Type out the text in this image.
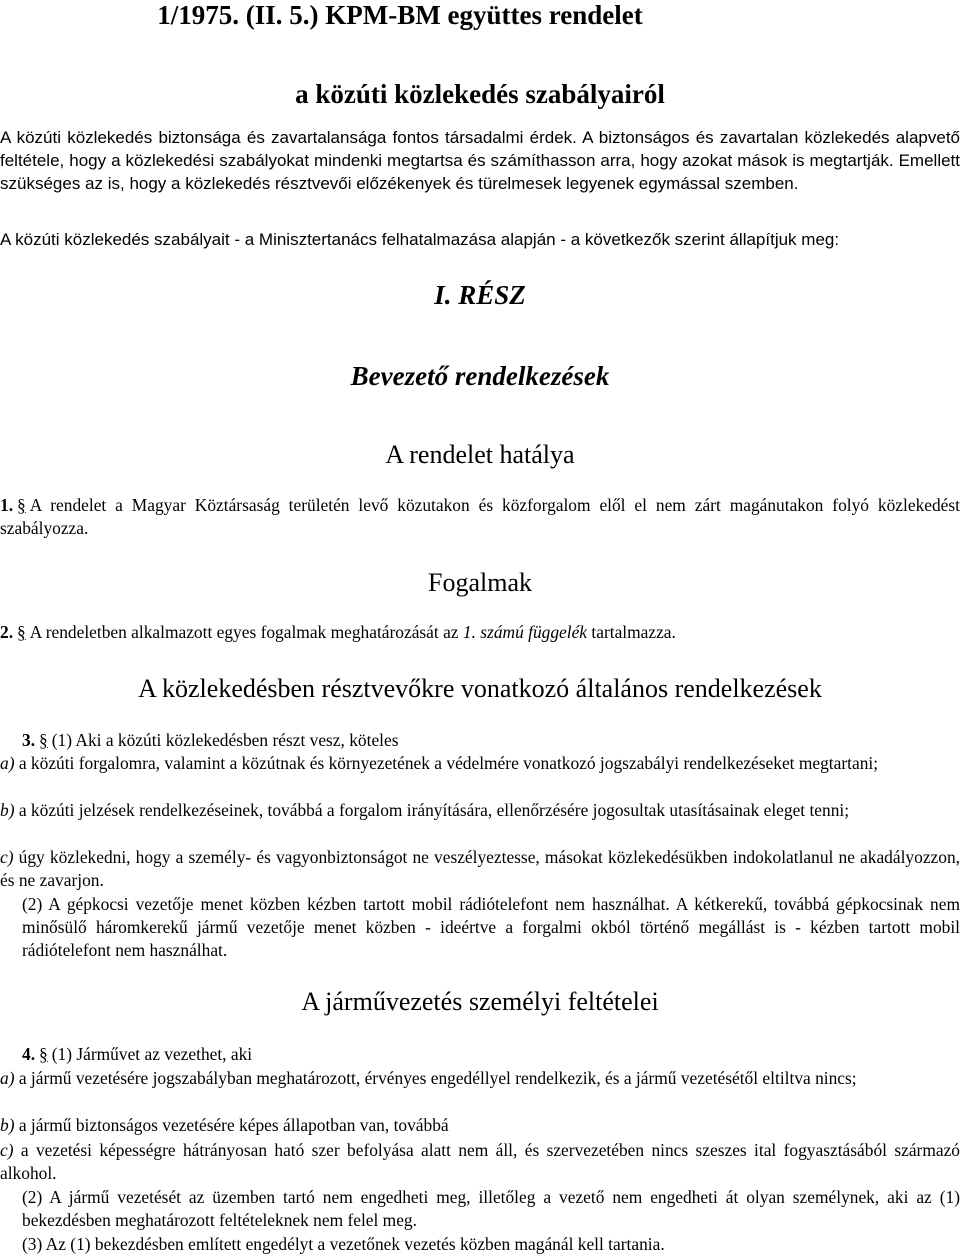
1/1975. (II. 5.) KPM-BM együttes rendelet
a közúti közlekedés szabályairól

A közúti közlekedés biztonsága és zavartalansága fontos társadalmi érdek. A biztonságos és zavartalan közlekedés alapvető feltétele, hogy a közlekedési szabályokat mindenki megtartsa és számíthasson arra, hogy azokat mások is megtartják. Emellett szükséges az is, hogy a közlekedés résztvevői előzékenyek és türelmesek legyenek egymással szemben.

A közúti közlekedés szabályait - a Minisztertanács felhatalmazása alapján - a következők szerint állapítjuk meg:

I. RÉSZ
Bevezető rendelkezések
A rendelet hatálya

1. § A rendelet a Magyar Köztársaság területén levő közutakon és közforgalom elől el nem zárt magánutakon folyó közlekedést szabályozza.

Fogalmak

2. § A rendeletben alkalmazott egyes fogalmak meghatározását az 1. számú függelék tartalmazza.

A közlekedésben résztvevőkre vonatkozó általános rendelkezések

3. § (1) Aki a közúti közlekedésben részt vesz, köteles

a) a közúti forgalomra, valamint a közútnak és környezetének a védelmére vonatkozó jogszabályi rendelkezéseket megtartani;

b) a közúti jelzések rendelkezéseinek, továbbá a forgalom irányítására, ellenőrzésére jogosultak utasításainak eleget tenni;

c) úgy közlekedni, hogy a személy- és vagyonbiztonságot ne veszélyeztesse, másokat közlekedésükben indokolatlanul ne akadályozzon, és ne zavarjon.

(2) A gépkocsi vezetője menet közben kézben tartott mobil rádiótelefont nem használhat. A kétkerekű, továbbá gépkocsinak nem minősülő háromkerekű jármű vezetője menet közben - ideértve a forgalmi okból történő megállást is - kézben tartott mobil rádiótelefont nem használhat.

A járművezetés személyi feltételei

4. § (1) Járművet az vezethet, aki

a) a jármű vezetésére jogszabályban meghatározott, érvényes engedéllyel rendelkezik, és a jármű vezetésétől eltiltva nincs;

b) a jármű biztonságos vezetésére képes állapotban van, továbbá

c) a vezetési képességre hátrányosan ható szer befolyása alatt nem áll, és szervezetében nincs szeszes ital fogyasztásából származó alkohol.

(2) A jármű vezetését az üzemben tartó nem engedheti meg, illetőleg a vezető nem engedheti át olyan személynek, aki az (1) bekezdésben meghatározott feltételeknek nem felel meg.

(3) Az (1) bekezdésben említett engedélyt a vezetőnek vezetés közben magánál kell tartania.
